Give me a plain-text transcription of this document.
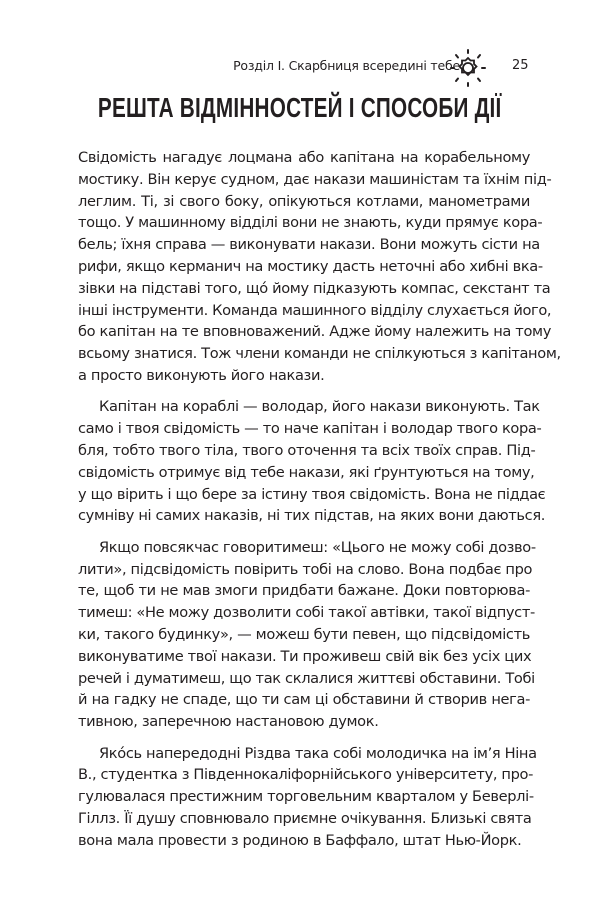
Розділ І. Скарбниця всередині тебе	25
РЕШТА ВІДМІННОСТЕЙ І СПОСОБИ ДІЇ
Свідомість нагадує лоцмана або капітана на корабельному
мостику. Він керує судном, дає накази машиністам та їхнім під-
леглим. Ті, зі свого боку, опікуються котлами, манометрами
тощо. У машинному відділі вони не знають, куди прямує кора-
бель; їхня справа — виконувати накази. Вони можуть сісти на
рифи, якщо керманич на мостику дасть неточні або хибні вка-
зівки на підставі того, щó йому підказують компас, секстант та
інші інструменти. Команда машинного відділу слухається його,
бо капітан на те вповноважений. Адже йому належить на тому
всьому знатися. Тож члени команди не спілкуються з капітаном,
а просто виконують його накази.
Капітан на кораблі — володар, його накази виконують. Так
само і твоя свідомість — то наче капітан і володар твого кора-
бля, тобто твого тіла, твого оточення та всіх твоїх справ. Під-
свідомість отримує від тебе накази, які ґрунтуються на тому,
у що вірить і що бере за істину твоя свідомість. Вона не піддає
сумніву ні самих наказів, ні тих підстав, на яких вони даються.
Якщо повсякчас говоритимеш: «Цього не можу собі дозво-
лити», підсвідомість повірить тобі на слово. Вона подбає про
те, щоб ти не мав змоги придбати бажане. Доки повторюва-
тимеш: «Не можу дозволити собі такої автівки, такої відпуст-
ки, такого будинку», — можеш бути певен, що підсвідомість
виконуватиме твої накази. Ти проживеш свій вік без усіх цих
речей і думатимеш, що так склалися життєві обставини. Тобі
й на гадку не спаде, що ти сам ці обставини й створив нега-
тивною, заперечною настановою думок.
Якóсь напередодні Різдва така собі молодичка на ім’я Ніна
В., студентка з Південнокаліфорнійського університету, про-
гулювалася престижним торговельним кварталом у Беверлі-
Гіллз. Її душу сповнювало приємне очікування. Близькі свята
вона мала провести з родиною в Баффало, штат Нью-Йорк.
